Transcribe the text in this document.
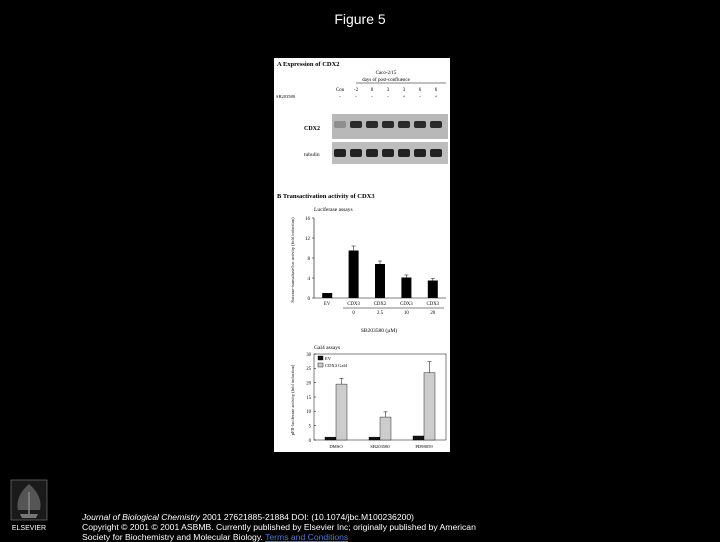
Figure 5
A Expression of CDX2
Caco-2/15
days of post-confluence
Con -2	0	3	3	6	6
SB203580	-	-	-	-	+	-	+
CDX2
tubulin
B Transactivation activity of CDX3
Luciferase assays
Sucrase-isomaltase/luc activity (fold induction)	0
4
8
12
16
EV	CDX3
0
CDX2
2.5
CDX3
10
CDX3
20
SB203580 (µM)
Gal4 assays
pFR-luciferase activity (fold induction)
0
5
10
15
20
25
30
DMSO	SB203580	PD98059
EV
CDX3 Gal4
ELSEVIER
Journal of Biological Chemistry 2001 27621885-21884 DOI: (10.1074/jbc.M100236200)
Copyright © 2001 © 2001 ASBMB. Currently published by Elsevier Inc; originally published by American
Society for Biochemistry and Molecular Biology. Terms and Conditions
